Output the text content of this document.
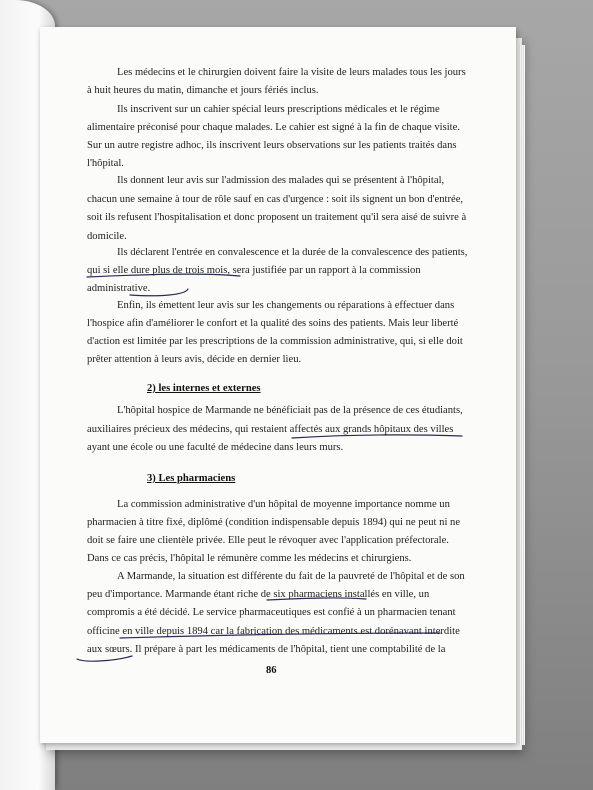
Les médecins et le chirurgien doivent faire la visite de leurs malades tous les jours
à huit heures du matin, dimanche et jours fériés inclus.
Ils inscrivent sur un cahier spécial leurs prescriptions médicales et le régime
alimentaire préconisé pour chaque malades. Le cahier est signé à la fin de chaque visite.
Sur un autre registre adhoc, ils inscrivent leurs observations sur les patients traités dans
l'hôpital.
Ils donnent leur avis sur l'admission des malades qui se présentent à l'hôpital,
chacun une semaine à tour de rôle sauf en cas d'urgence : soit ils signent un bon d'entrée,
soit ils refusent l'hospitalisation et donc proposent un traitement qu'il sera aisé de suivre à
domicile.
Ils déclarent l'entrée en convalescence et la durée de la convalescence des patients,
qui si elle dure plus de trois mois, sera justifiée par un rapport à la commission
administrative.
Enfin, ils émettent leur avis sur les changements ou réparations à effectuer dans
l'hospice afin d'améliorer le confort et la qualité des soins des patients. Mais leur liberté
d'action est limitée par les prescriptions de la commission administrative, qui, si elle doit
prêter attention à leurs avis, décide en dernier lieu.
2) les internes et externes
L'hôpital hospice de Marmande ne bénéficiait pas de la présence de ces étudiants,
auxiliaires précieux des médecins, qui restaient affectés aux grands hôpitaux des villes
ayant une école ou une faculté de médecine dans leurs murs.
3) Les pharmaciens
La commission administrative d'un hôpital de moyenne importance nomme un
pharmacien à titre fixé, diplômé (condition indispensable depuis 1894) qui ne peut ni ne
doit se faire une clientèle privée. Elle peut le révoquer avec l'application préfectorale.
Dans ce cas précis, l'hôpital le rémunère comme les médecins et chirurgiens.
A Marmande, la situation est différente du fait de la pauvreté de l'hôpital et de son
peu d'importance. Marmande étant riche de six pharmaciens installés en ville, un
compromis a été décidé. Le service pharmaceutiques est confié à un pharmacien tenant
officine en ville depuis 1894 car la fabrication des médicaments est dorénavant interdite
aux sœurs. Il prépare à part les médicaments de l'hôpital, tient une comptabilité de la
86
